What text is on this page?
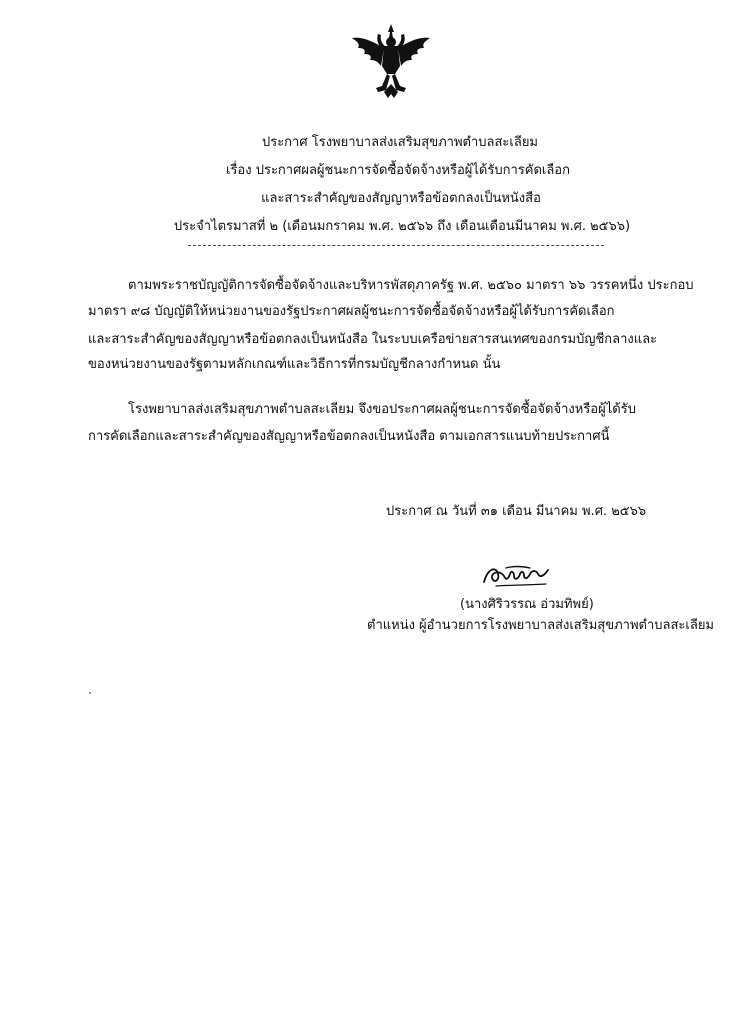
ประกาศ โรงพยาบาลส่งเสริมสุขภาพตำบลสะเลียม
เรื่อง ประกาศผลผู้ชนะการจัดซื้อจัดจ้างหรือผู้ได้รับการคัดเลือก
และสาระสำคัญของสัญญาหรือข้อตกลงเป็นหนังสือ
ประจำไตรมาสที่ ๒ (เดือนมกราคม พ.ศ. ๒๕๖๖ ถึง เดือนเดือนมีนาคม พ.ศ. ๒๕๖๖)
ตามพระราชบัญญัติการจัดซื้อจัดจ้างและบริหารพัสดุภาครัฐ พ.ศ. ๒๕๖๐ มาตรา ๖๖ วรรคหนึ่ง ประกอบ
มาตรา ๙๘ บัญญัติให้หน่วยงานของรัฐประกาศผลผู้ชนะการจัดซื้อจัดจ้างหรือผู้ได้รับการคัดเลือก
และสาระสำคัญของสัญญาหรือข้อตกลงเป็นหนังสือ ในระบบเครือข่ายสารสนเทศของกรมบัญชีกลางและ
ของหน่วยงานของรัฐตามหลักเกณฑ์และวิธีการที่กรมบัญชีกลางกำหนด นั้น
โรงพยาบาลส่งเสริมสุขภาพตำบลสะเลียม จึงขอประกาศผลผู้ชนะการจัดซื้อจัดจ้างหรือผู้ได้รับ
การคัดเลือกและสาระสำคัญของสัญญาหรือข้อตกลงเป็นหนังสือ ตามเอกสารแนบท้ายประกาศนี้
ประกาศ ณ วันที่ ๓๑ เดือน มีนาคม พ.ศ. ๒๕๖๖
(นางศิริวรรณ อ่วมทิพย์)
ตำแหน่ง ผู้อำนวยการโรงพยาบาลส่งเสริมสุขภาพตำบลสะเลียม
